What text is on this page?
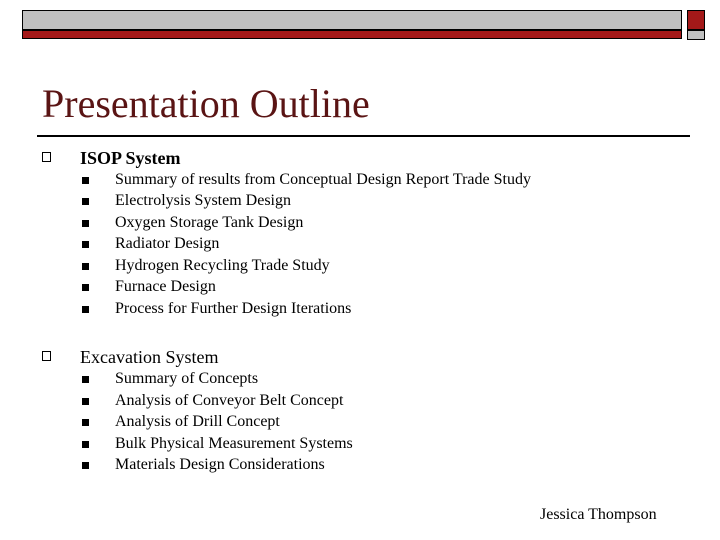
Presentation Outline
ISOP System
Summary of results from Conceptual Design Report Trade Study
Electrolysis System Design
Oxygen Storage Tank Design
Radiator Design
Hydrogen Recycling Trade Study
Furnace Design
Process for Further Design Iterations
Excavation System
Summary of Concepts
Analysis of Conveyor Belt Concept
Analysis of Drill Concept
Bulk Physical Measurement Systems
Materials Design Considerations
Jessica Thompson
